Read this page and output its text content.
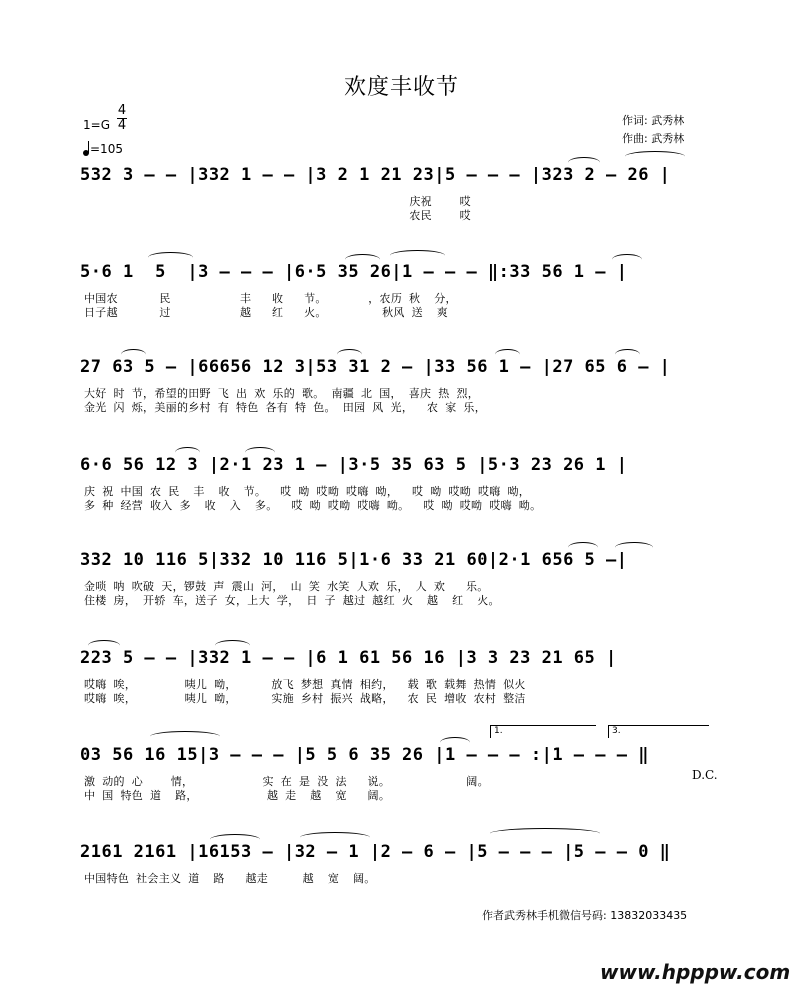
欢度丰收节
1=G
4
4
=105
作词: 武秀林
作曲: 武秀林
532 3 – – |332 1 – – |3 2 1 21 23|5 – – – |323 2 – 26 |
庆祝    哎
农民    哎
5·6 1  5  |3 – – – |6·5 35 26|1 – – – ‖:33 56 1 – |
中国农      民          丰   收   节。      ，农历 秋  分，
日子越      过          越   红   火。        秋风 送  爽
27 63 5 – |66656 12 3|53 31 2 – |33 56 1 – |27 65 6 – |
大好 时 节，希望的田野 飞 出 欢 乐的 歌。 南疆 北 国， 喜庆 热 烈，
金光 闪 烁，美丽的乡村 有 特色 各有 特 色。 田园 风 光，  农 家 乐，
6·6 56 12 3 |2·1 23 1 – |3·5 35 63 5 |5·3 23 26 1 |
庆 祝 中国 农 民  丰  收  节。  哎 呦 哎呦 哎嗨 呦，  哎 呦 哎呦 哎嗨 呦，
多 种 经营 收入 多  收  入  多。  哎 呦 哎呦 哎嗨 呦。  哎 呦 哎呦 哎嗨 呦。
332 10 116 5|332 10 116 5|1·6 33 21 60|2·1 656 5 –|
金唢 呐 吹破 天，锣鼓 声 震山 河， 山 笑 水笑 人欢 乐， 人 欢   乐。
住楼 房， 开轿 车，送子 女，上大 学， 日 子 越过 越红 火  越  红  火。
223 5 – – |332 1 – – |6 1 61 56 16 |3 3 23 21 65 |
哎嗨 唉，       咦儿 呦，     放飞 梦想 真情 相约，  载 歌 载舞 热情 似火
哎嗨 唉，       咦儿 呦，     实施 乡村 振兴 战略，  农 民 增收 农村 整洁
03 56 16 15|3 – – – |5 5 6 35 26 |1 – – – :|1 – – – ‖
激 动的 心    情，          实 在 是 没 法   说。           阔。
中 国 特色 道  路，          越 走  越  宽   阔。
2161 2161 |16153 – |32 – 1 |2 – 6 – |5 – – – |5 – – 0 ‖
中国特色 社会主义 道  路   越走     越  宽  阔。
1.	3.
D.C.
作者武秀林手机微信号码: 13832033435
www.hpppw.com
